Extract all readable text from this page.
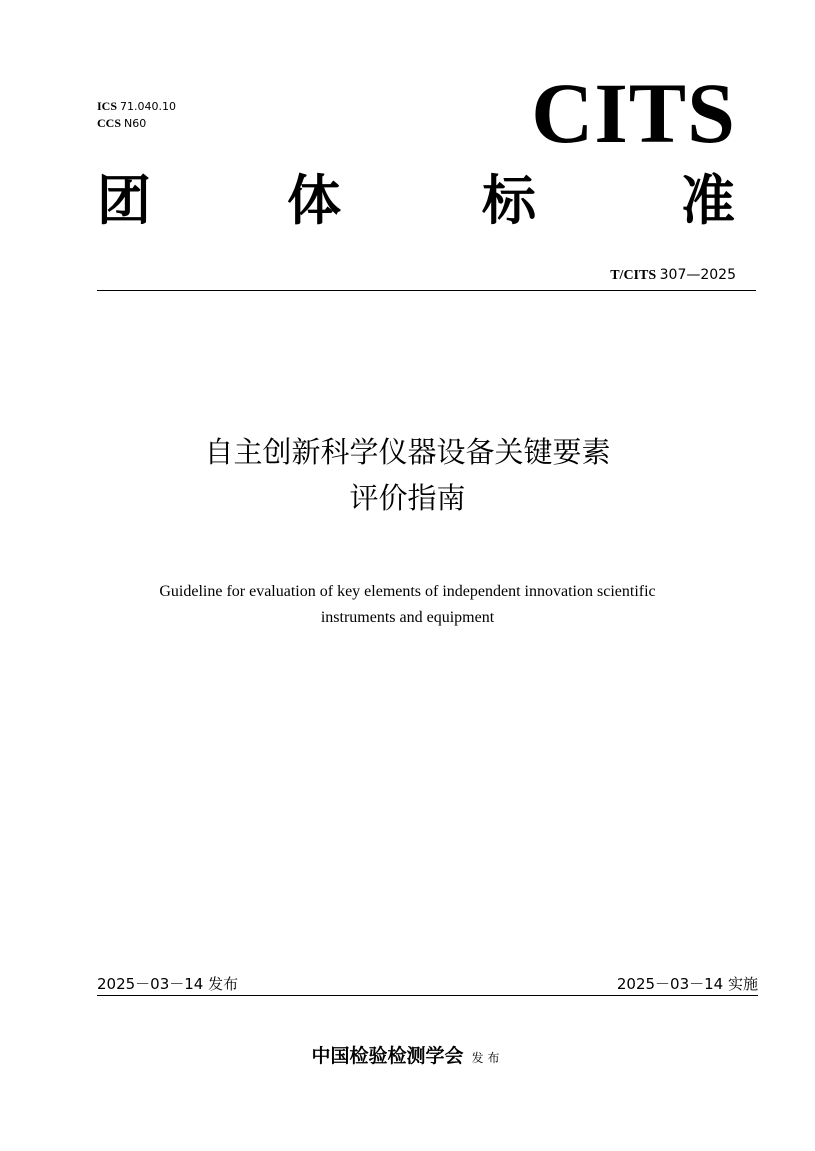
ICS 71.040.10
CCS N60	CITS
团	体	标	准
T/CITS 307—2025
自主创新科学仪器设备关键要素
评价指南
Guideline for evaluation of key elements of independent innovation scientific
instruments and equipment
2025－03－14 发布	2025－03－14 实施
中国检验检测学会 发布
